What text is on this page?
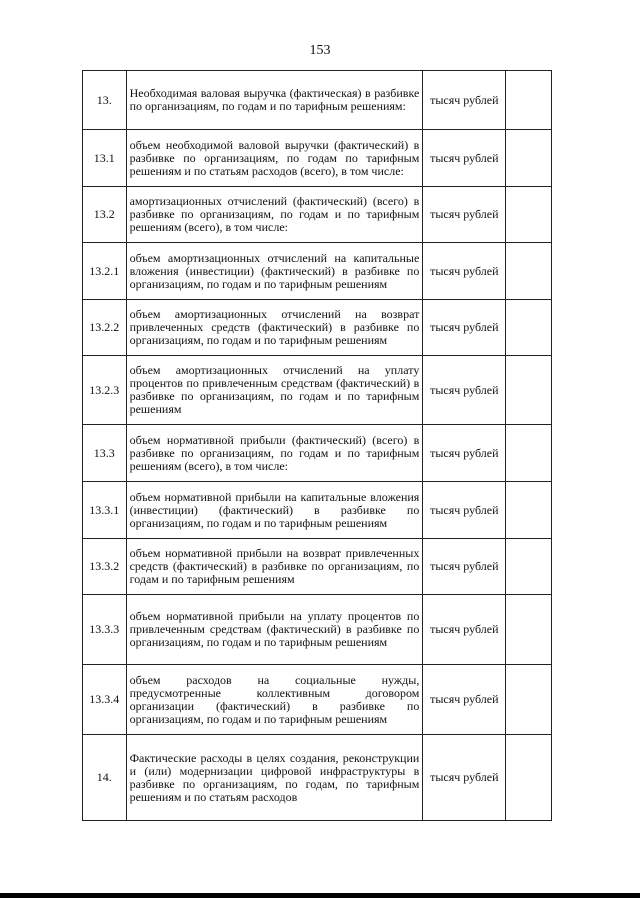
153
13.	Необходимая валовая выручка (фактическая) в разбивке по организациям, по годам и по тарифным решениям:	тысяч рублей	
13.1	объем необходимой валовой выручки (фактический) в разбивке по организациям, по годам по тарифным решениям и по статьям расходов (всего), в том числе:	тысяч рублей	
13.2	амортизационных отчислений (фактический) (всего) в разбивке по организациям, по годам и по тарифным решениям (всего), в том числе:	тысяч рублей	
13.2.1	объем амортизационных отчислений на капитальные вложения (инвестиции) (фактический) в разбивке по организациям, по годам и по тарифным решениям	тысяч рублей	
13.2.2	объем амортизационных отчислений на возврат привлеченных средств (фактический) в разбивке по организациям, по годам и по тарифным решениям	тысяч рублей	
13.2.3	объем амортизационных отчислений на уплату процентов по привлеченным средствам (фактический) в разбивке по организациям, по годам и по тарифным решениям	тысяч рублей	
13.3	объем нормативной прибыли (фактический) (всего) в разбивке по организациям, по годам и по тарифным решениям (всего), в том числе:	тысяч рублей	
13.3.1	объем нормативной прибыли на капитальные вложения (инвестиции) (фактический) в разбивке по организациям, по годам и по тарифным решениям	тысяч рублей	
13.3.2	объем нормативной прибыли на возврат привлеченных средств (фактический) в разбивке по организациям, по годам и по тарифным решениям	тысяч рублей	
13.3.3	объем нормативной прибыли на уплату процентов по привлеченным средствам (фактический) в разбивке по организациям, по годам и по тарифным решениям	тысяч рублей	
13.3.4	объем расходов на социальные нужды, предусмотренные коллективным договором организации (фактический) в разбивке по организациям, по годам и по тарифным решениям	тысяч рублей	
14.	Фактические расходы в целях создания, реконструкции и (или) модернизации цифровой инфраструктуры в разбивке по организациям, по годам, по тарифным решениям и по статьям расходов	тысяч рублей	
